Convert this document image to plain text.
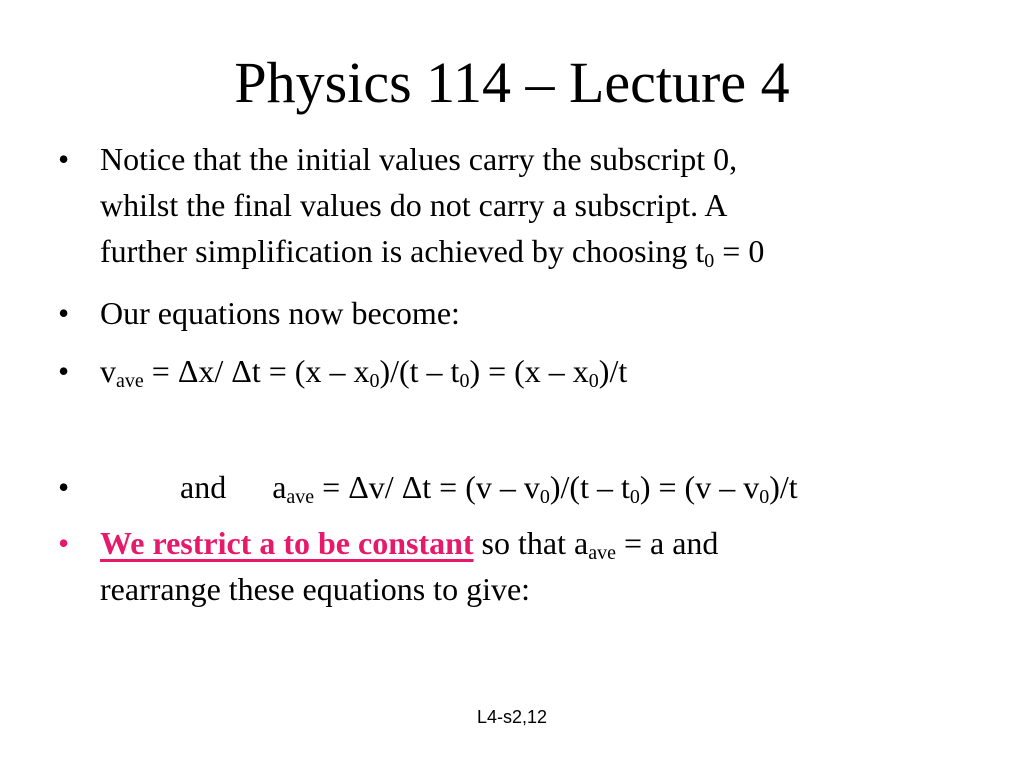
Physics 114 – Lecture 4
• Notice that the initial values carry the subscript 0,
whilst the final values do not carry a subscript. A
further simplification is achieved by choosing $t_0 = 0$
• Our equations now become:
• $v_{ave} = \Delta x/$ $\Delta t = (x - x_0)/(t - t_0) = (x - x_0)/t$
•	and $a_{ave} = \Delta v/$ $\Delta t = (v - v_0)/(t - t_0) = (v - v_0)/t$
• We restrict a to be constant so that $a_{ave} = a$ and
rearrange these equations to give:
L4-s2,12
